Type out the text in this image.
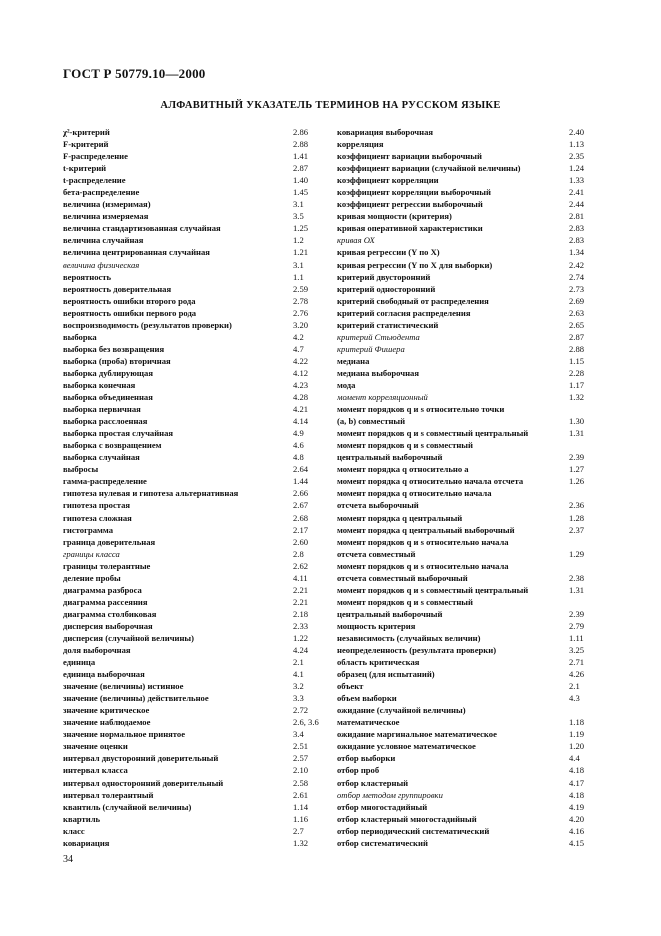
ГОСТ Р 50779.10—2000
АЛФАВИТНЫЙ УКАЗАТЕЛЬ ТЕРМИНОВ НА РУССКОМ ЯЗЫКЕ
χ²-критерий	2.86
F-критерий	2.88
F-распределение	1.41
t-критерий	2.87
t-распределение	1.40
бета-распределение	1.45
величина (измеримая)	3.1
величина измеряемая	3.5
величина стандартизованная случайная	1.25
величина случайная	1.2
величина центрированная случайная	1.21
величина физическая	3.1
вероятность	1.1
вероятность доверительная	2.59
вероятность ошибки второго рода	2.78
вероятность ошибки первого рода	2.76
воспроизводимость (результатов проверки)	3.20
выборка	4.2
выборка без возвращения	4.7
выборка (проба) вторичная	4.22
выборка дублирующая	4.12
выборка конечная	4.23
выборка объединенная	4.28
выборка первичная	4.21
выборка расслоенная	4.14
выборка простая случайная	4.9
выборка с возвращением	4.6
выборка случайная	4.8
выбросы	2.64
гамма-распределение	1.44
гипотеза нулевая и гипотеза альтернативная	2.66
гипотеза простая	2.67
гипотеза сложная	2.68
гистограмма	2.17
граница доверительная	2.60
границы класса	2.8
границы толерантные	2.62
деление пробы	4.11
диаграмма разброса	2.21
диаграмма рассеяния	2.21
диаграмма столбиковая	2.18
дисперсия выборочная	2.33
дисперсия (случайной величины)	1.22
доля выборочная	4.24
единица	2.1
единица выборочная	4.1
значение (величины) истинное	3.2
значение (величины) действительное	3.3
значение критическое	2.72
значение наблюдаемое	2.6, 3.6
значение нормальное принятое	3.4
значение оценки	2.51
интервал двусторонний доверительный	2.57
интервал класса	2.10
интервал односторонний доверительный	2.58
интервал толерантный	2.61
квантиль (случайной величины)	1.14
квартиль	1.16
класс	2.7
ковариация	1.32
ковариация выборочная	2.40
корреляция	1.13
коэффициент вариации выборочный	2.35
коэффициент вариации (случайной величины)	1.24
коэффициент корреляции	1.33
коэффициент корреляции выборочный	2.41
коэффициент регрессии выборочный	2.44
кривая мощности (критерия)	2.81
кривая оперативной характеристики	2.83
кривая ОХ	2.83
кривая регрессии (Y по X)	1.34
кривая регрессии (Y по X для выборки)	2.42
критерий двусторонний	2.74
критерий односторонний	2.73
критерий свободный от распределения	2.69
критерий согласия распределения	2.63
критерий статистический	2.65
критерий Стьюдента	2.87
критерий Фишера	2.88
медиана	1.15
медиана выборочная	2.28
мода	1.17
момент корреляционный	1.32
момент порядков q и s относительно точки
(a, b) совместный	1.30
момент порядков q и s совместный центральный	1.31
момент порядков q и s совместный
центральный выборочный	2.39
момент порядка q относительно a	1.27
момент порядка q относительно начала отсчета	1.26
момент порядка q относительно начала
отсчета выборочный	2.36
момент порядка q центральный	1.28
момент порядка q центральный выборочный	2.37
момент порядков q и s относительно начала
отсчета совместный	1.29
момент порядков q и s относительно начала
отсчета совместный выборочный	2.38
момент порядков q и s совместный центральный	1.31
момент порядков q и s совместный
центральный выборочный	2.39
мощность критерия	2.79
независимость (случайных величин)	1.11
неопределенность (результата проверки)	3.25
область критическая	2.71
образец (для испытаний)	4.26
объект	2.1
объем выборки	4.3
ожидание (случайной величины)
математическое	1.18
ожидание маргинальное математическое	1.19
ожидание условное математическое	1.20
отбор выборки	4.4
отбор проб	4.18
отбор кластерный	4.17
отбор методом группировки	4.18
отбор многостадийный	4.19
отбор кластерный многостадийный	4.20
отбор периодический систематический	4.16
отбор систематический	4.15
34
